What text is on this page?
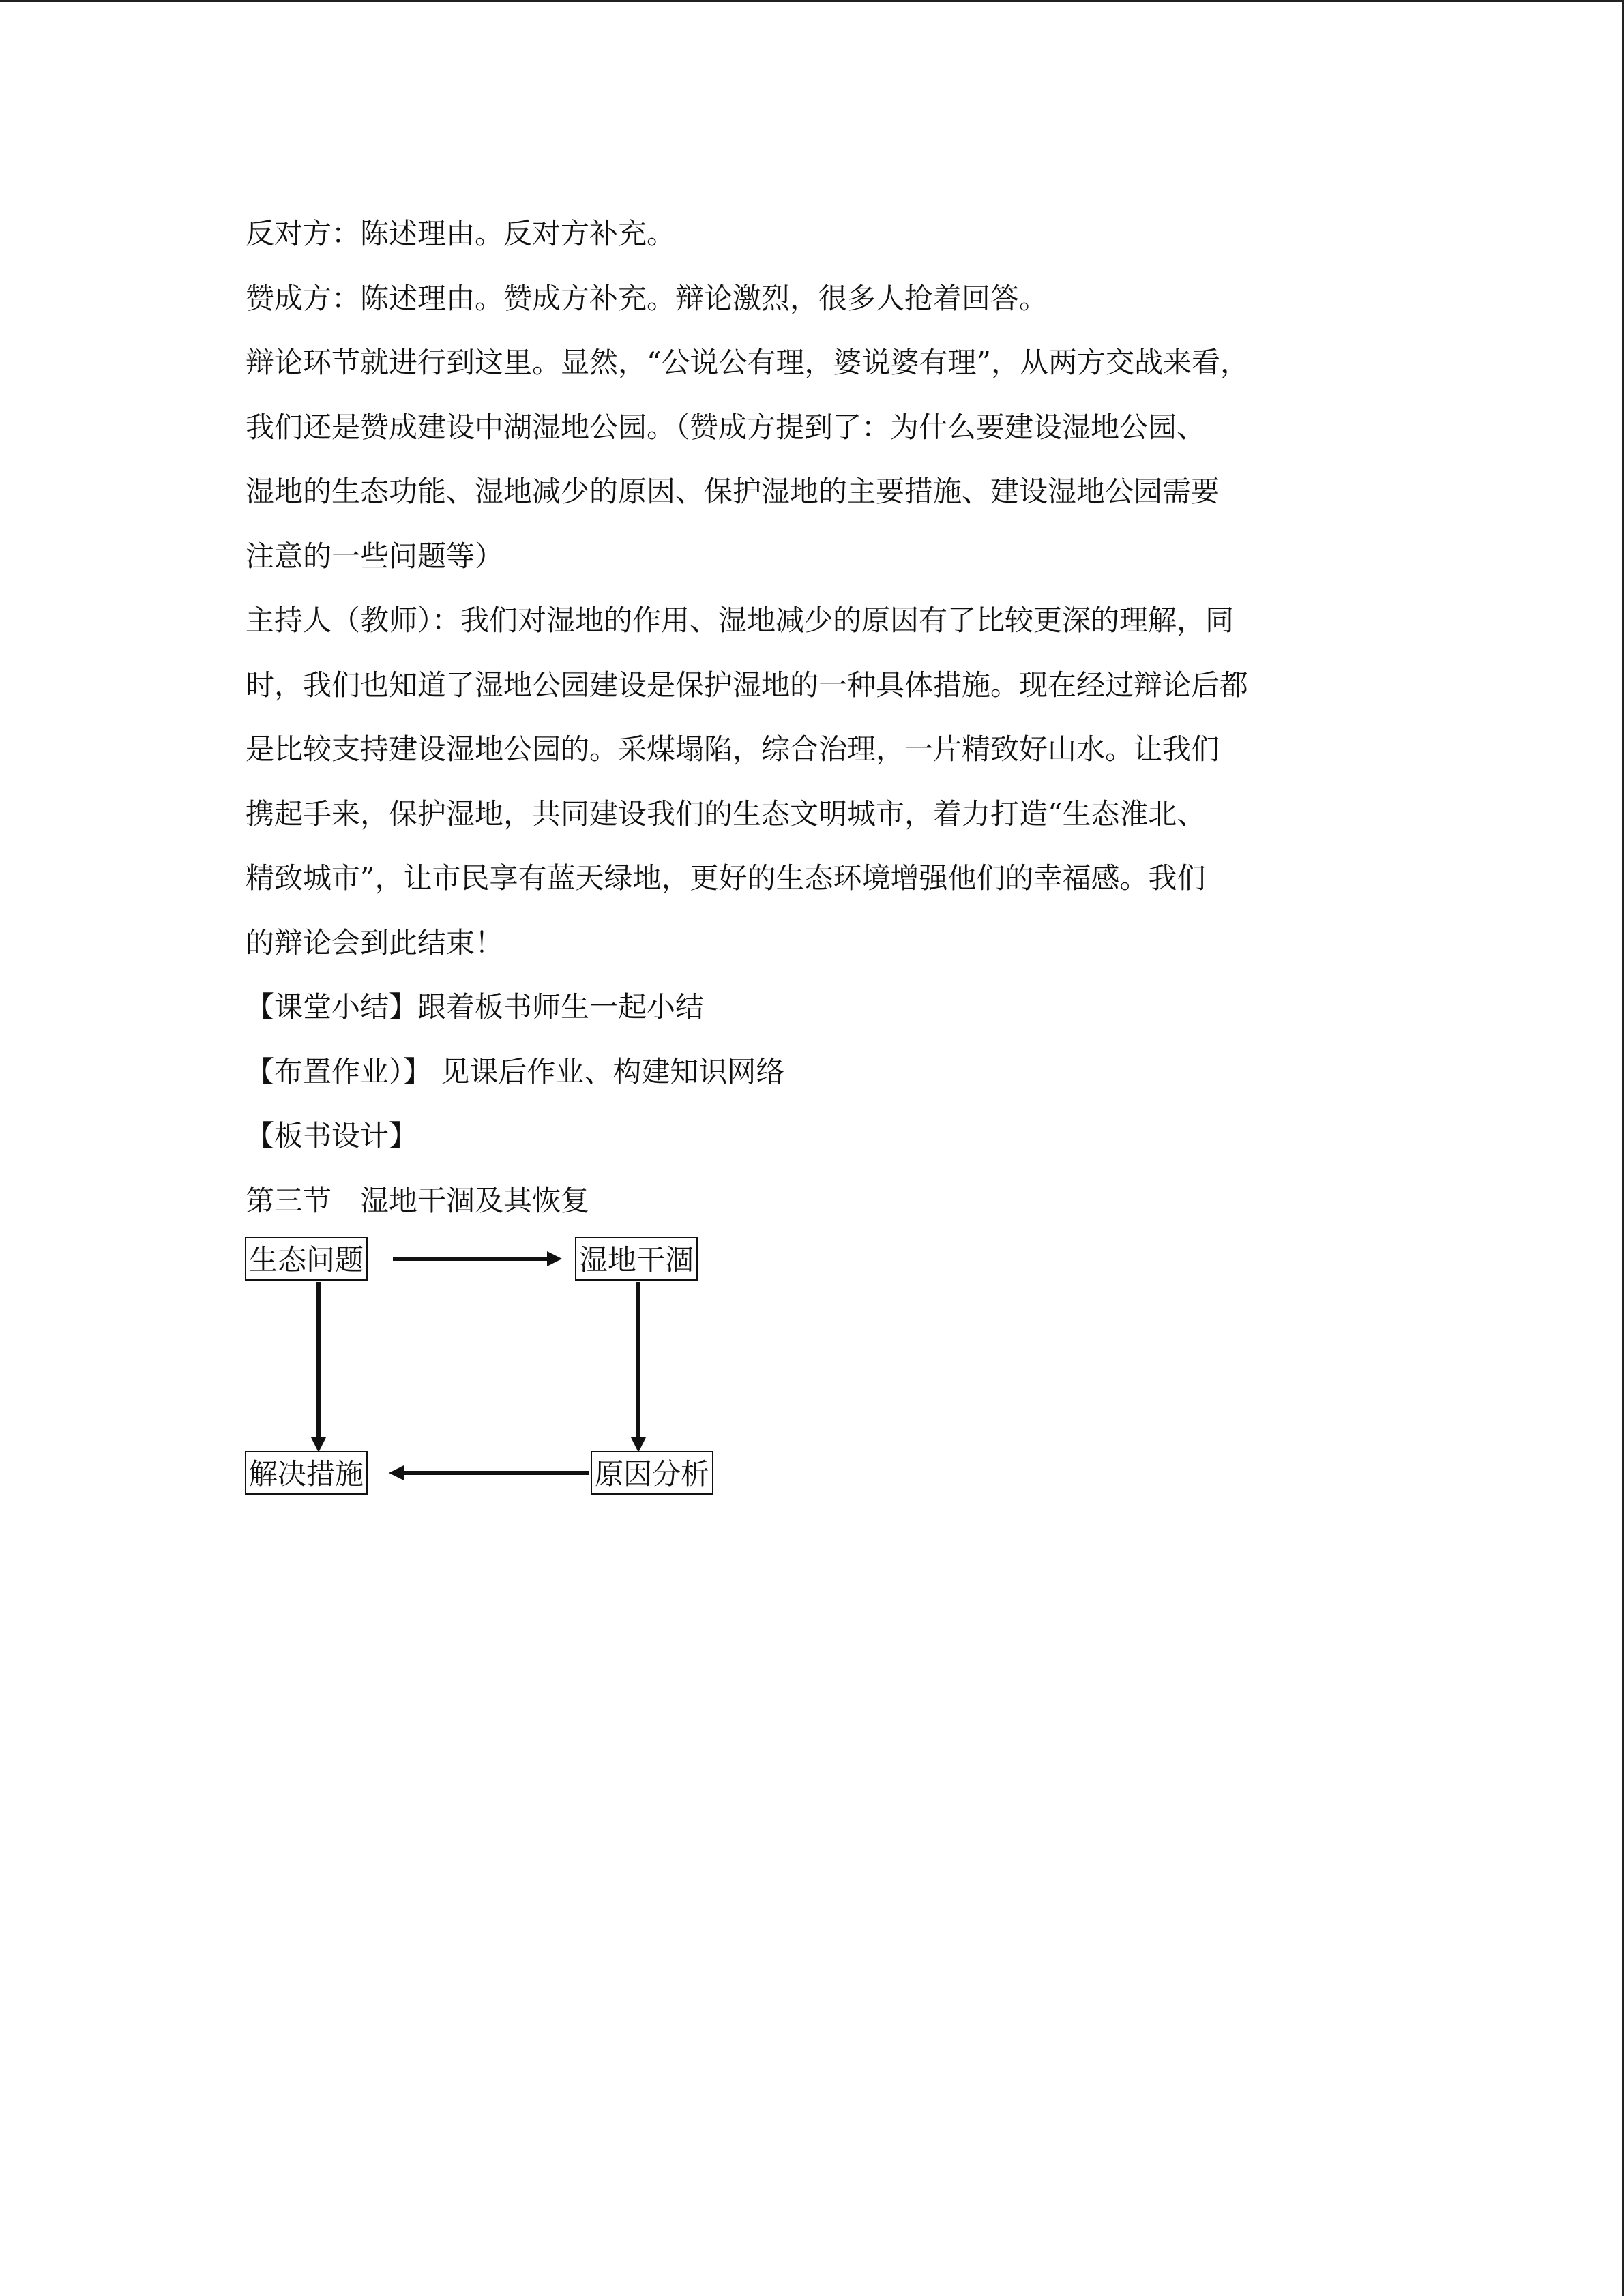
反对方：陈述理由。反对方补充。

赞成方：陈述理由。赞成方补充。辩论激烈，很多人抢着回答。

辩论环节就进行到这里。显然，“公说公有理，婆说婆有理”，从两方交战来看，

我们还是赞成建设中湖湿地公园。（赞成方提到了：为什么要建设湿地公园、

湿地的生态功能、湿地减少的原因、保护湿地的主要措施、建设湿地公园需要

注意的一些问题等）

主持人（教师）：我们对湿地的作用、湿地减少的原因有了比较更深的理解，同

时，我们也知道了湿地公园建设是保护湿地的一种具体措施。现在经过辩论后都

是比较支持建设湿地公园的。采煤塌陷，综合治理，一片精致好山水。让我们

携起手来，保护湿地，共同建设我们的生态文明城市，着力打造“生态淮北、

精致城市”，让市民享有蓝天绿地，更好的生态环境增强他们的幸福感。我们

的辩论会到此结束！

【课堂小结】跟着板书师生一起小结

【布置作业）】 见课后作业、构建知识网络

【板书设计】

第三节　湿地干涸及其恢复

生态问题	湿地干涸
解决措施	原因分析
